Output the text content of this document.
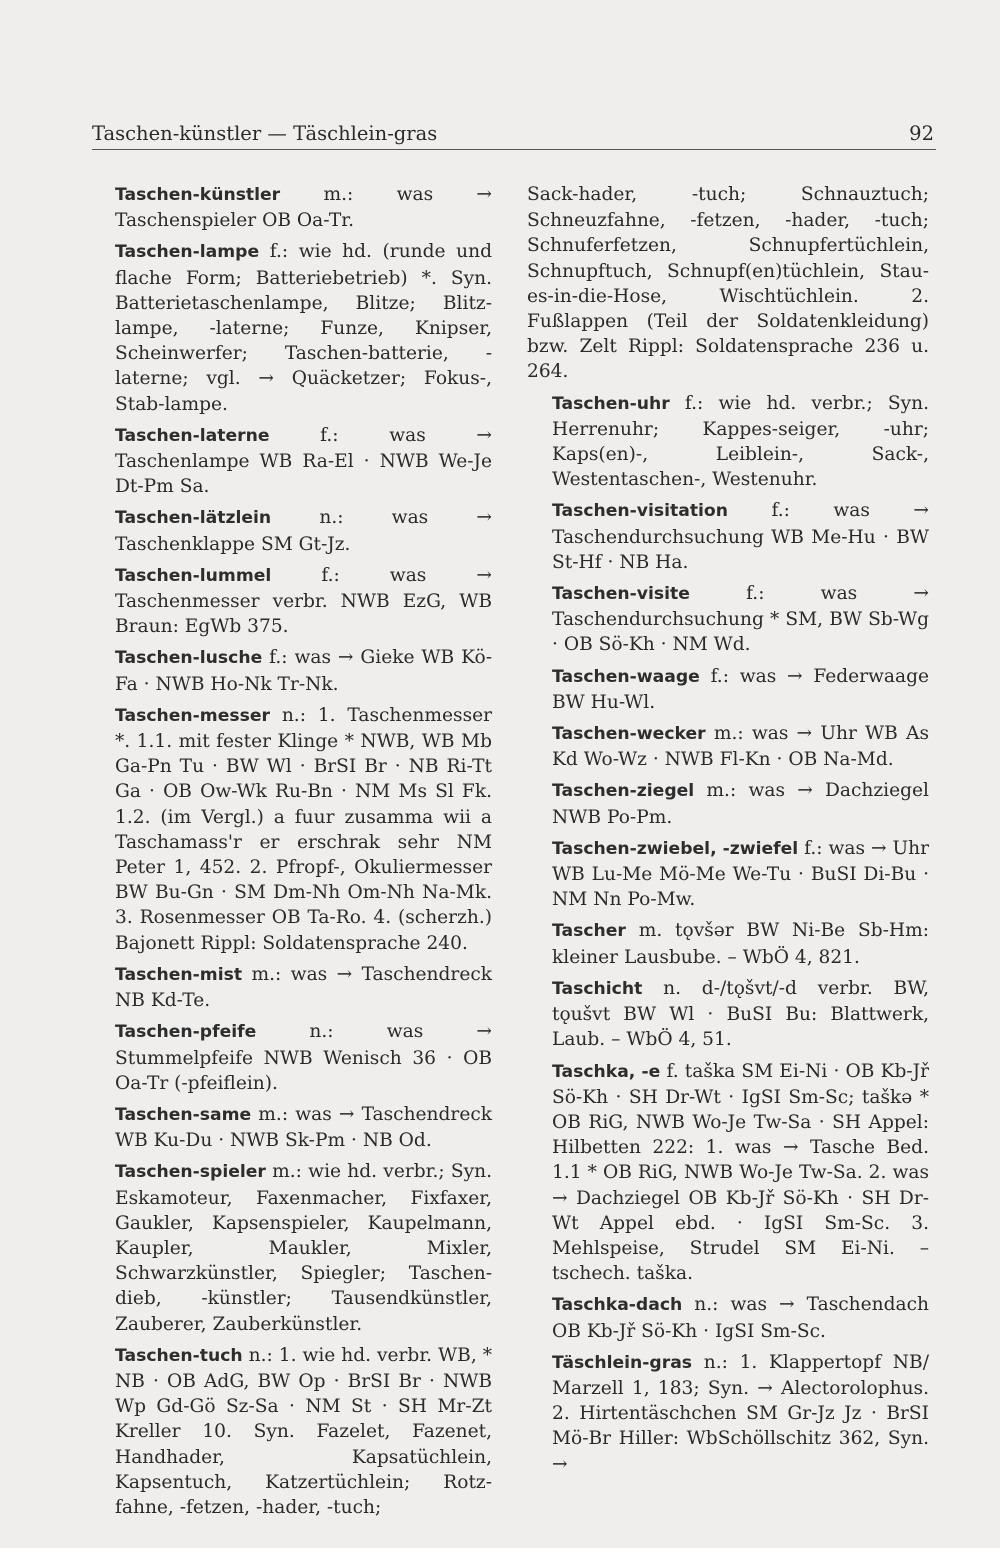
Taschen-künstler — Täschlein-gras	92

Taschen-künstler m.: was → Taschenspieler OB Oa-Tr.

Taschen-lampe f.: wie hd. (runde und flache Form; Batteriebetrieb) *. Syn. Batterietaschenlampe, Blitze; Blitz-lampe, -laterne; Funze, Knipser, Scheinwerfer; Taschen-batterie, -laterne; vgl. → Quäcketzer; Fokus-, Stab-lampe.

Taschen-laterne f.: was → Taschenlampe WB Ra-El · NWB We-Je Dt-Pm Sa.

Taschen-lätzlein n.: was → Taschenklappe SM Gt-Jz.

Taschen-lummel f.: was → Taschenmesser verbr. NWB EzG, WB Braun: EgWb 375.

Taschen-lusche f.: was → Gieke WB Kö-Fa · NWB Ho-Nk Tr-Nk.

Taschen-messer n.: 1. Taschenmesser *. 1.1. mit fester Klinge * NWB, WB Mb Ga-Pn Tu · BW Wl · BrSI Br · NB Ri-Tt Ga · OB Ow-Wk Ru-Bn · NM Ms Sl Fk. 1.2. (im Vergl.) a fuur zusamma wii a Taschamass'r er erschrak sehr NM Peter 1, 452. 2. Pfropf-, Okuliermesser BW Bu-Gn · SM Dm-Nh Om-Nh Na-Mk. 3. Rosenmesser OB Ta-Ro. 4. (scherzh.) Bajonett Rippl: Soldatensprache 240.

Taschen-mist m.: was → Taschendreck NB Kd-Te.

Taschen-pfeife n.: was → Stummelpfeife NWB Wenisch 36 · OB Oa-Tr (-pfeiflein).

Taschen-same m.: was → Taschendreck WB Ku-Du · NWB Sk-Pm · NB Od.

Taschen-spieler m.: wie hd. verbr.; Syn. Eskamoteur, Faxenmacher, Fixfaxer, Gaukler, Kapsenspieler, Kaupelmann, Kaupler, Maukler, Mixler, Schwarzkünstler, Spiegler; Taschen-dieb, -künstler; Tausendkünstler, Zauberer, Zauberkünstler.

Taschen-tuch n.: 1. wie hd. verbr. WB, * NB · OB AdG, BW Op · BrSI Br · NWB Wp Gd-Gö Sz-Sa · NM St · SH Mr-Zt Kreller 10. Syn. Fazelet, Fazenet, Handhader, Kapsatüchlein, Kapsentuch, Katzertüchlein; Rotz-fahne, -fetzen, -hader, -tuch;

Sack-hader, -tuch; Schnauztuch; Schneuzfahne, -fetzen, -hader, -tuch; Schnuferfetzen, Schnupfertüchlein, Schnupftuch, Schnupf(en)tüchlein, Stau-es-in-die-Hose, Wischtüchlein. 2. Fußlappen (Teil der Soldatenkleidung) bzw. Zelt Rippl: Soldatensprache 236 u. 264.

Taschen-uhr f.: wie hd. verbr.; Syn. Herrenuhr; Kappes-seiger, -uhr; Kaps(en)-, Leiblein-, Sack-, Westentaschen-, Westenuhr.

Taschen-visitation f.: was → Taschendurchsuchung WB Me-Hu · BW St-Hf · NB Ha.

Taschen-visite f.: was → Taschendurchsuchung * SM, BW Sb-Wg · OB Sö-Kh · NM Wd.

Taschen-waage f.: was → Federwaage BW Hu-Wl.

Taschen-wecker m.: was → Uhr WB As Kd Wo-Wz · NWB Fl-Kn · OB Na-Md.

Taschen-ziegel m.: was → Dachziegel NWB Po-Pm.

Taschen-zwiebel, -zwiefel f.: was → Uhr WB Lu-Me Mö-Me We-Tu · BuSI Di-Bu · NM Nn Po-Mw.

Tascher m. tǫvšər BW Ni-Be Sb-Hm: kleiner Lausbube. – WbÖ 4, 821.

Taschicht n. d-/tǫšvt/-d verbr. BW, tǫušvt BW Wl · BuSI Bu: Blattwerk, Laub. – WbÖ 4, 51.

Taschka, -e f. taška SM Ei-Ni · OB Kb-Jř Sö-Kh · SH Dr-Wt · IgSI Sm-Sc; taškə * OB RiG, NWB Wo-Je Tw-Sa · SH Appel: Hilbetten 222: 1. was → Tasche Bed. 1.1 * OB RiG, NWB Wo-Je Tw-Sa. 2. was → Dachziegel OB Kb-Jř Sö-Kh · SH Dr-Wt Appel ebd. · IgSI Sm-Sc. 3. Mehlspeise, Strudel SM Ei-Ni. – tschech. taška.

Taschka-dach n.: was → Taschendach OB Kb-Jř Sö-Kh · IgSI Sm-Sc.

Täschlein-gras n.: 1. Klappertopf NB/ Marzell 1, 183; Syn. → Alectorolophus. 2. Hirtentäschchen SM Gr-Jz Jz · BrSI Mö-Br Hiller: WbSchöllschitz 362, Syn. →
